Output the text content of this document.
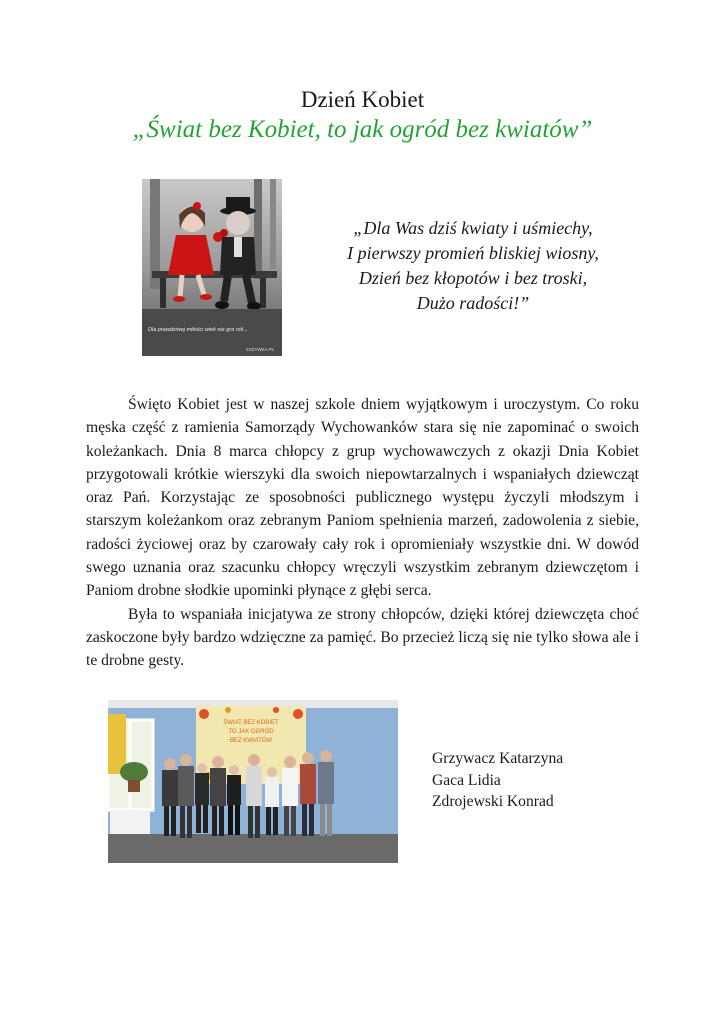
Dzień Kobiet
„Świat bez Kobiet, to jak ogród bez kwiatów”
Dla prawdziwej miłości wiek nie gra roli...
ZSZYWKA.PL
„Dla Was dziś kwiaty i uśmiechy,
I pierwszy promień bliskiej wiosny,
Dzień bez kłopotów i bez troski,
Dużo radości!”

Święto Kobiet jest w naszej szkole dniem wyjątkowym i uroczystym. Co roku męska część z ramienia Samorządy Wychowanków stara się nie zapominać o swoich koleżankach. Dnia 8 marca chłopcy z grup wychowawczych z okazji Dnia Kobiet przygotowali krótkie wierszyki dla swoich niepowtarzalnych i wspaniałych dziewcząt oraz Pań. Korzystając ze sposobności publicznego występu życzyli młodszym i starszym koleżankom oraz zebranym Paniom spełnienia marzeń, zadowolenia z siebie, radości życiowej oraz by czarowały cały rok i opromieniały wszystkie dni. W dowód swego uznania oraz szacunku chłopcy wręczyli wszystkim zebranym dziewczętom i Paniom drobne słodkie upominki płynące z głębi serca.

Była to wspaniała inicjatywa ze strony chłopców, dzięki której dziewczęta choć zaskoczone były bardzo wdzięczne za pamięć. Bo przecież liczą się nie tylko słowa ale i te drobne gesty.

ŚWIAT BEZ KOBIET
TO JAK OGRÓD
BEZ KWIATÓW
Grzywacz Katarzyna
Gaca Lidia
Zdrojewski Konrad
